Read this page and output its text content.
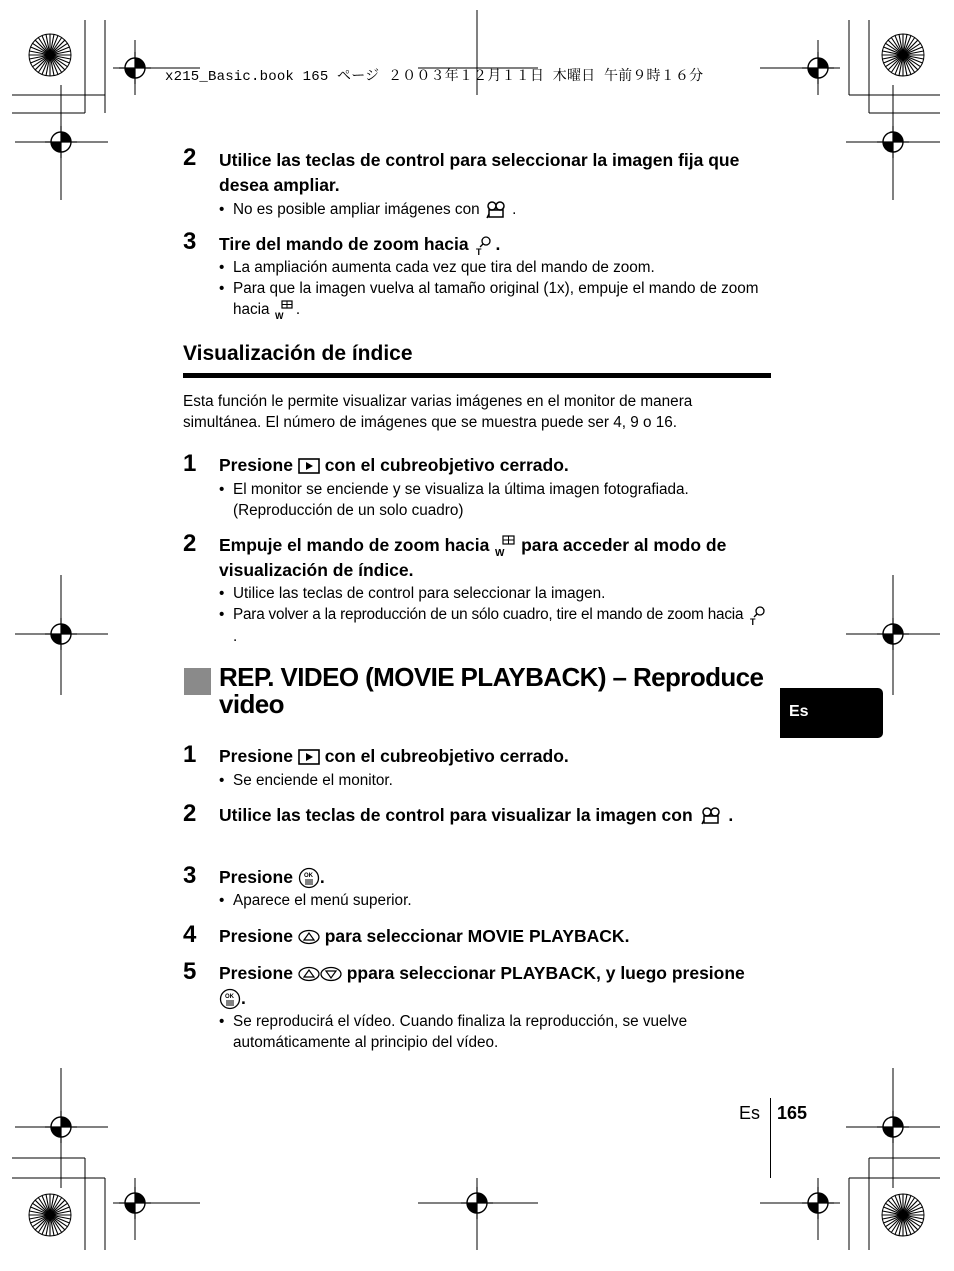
x215_Basic.book 165 ページ ２００３年１２月１１日 木曜日 午前９時１６分
2 Utilice las teclas de control para seleccionar la imagen fija que desea ampliar.
• No es posible ampliar imágenes con .
3 Tire del mando de zoom hacia T .
• La ampliación aumenta cada vez que tira del mando de zoom.
• Para que la imagen vuelva al tamaño original (1x), empuje el mando de zoom hacia W .
Visualización de índice
Esta función le permite visualizar varias imágenes en el monitor de manera simultánea. El número de imágenes que se muestra puede ser 4, 9 o 16.
1 Presione con el cubreobjetivo cerrado.
• El monitor se enciende y se visualiza la última imagen fotografiada. (Reproducción de un solo cuadro)
2 Empuje el mando de zoom hacia W para acceder al modo de visualización de índice.
• Utilice las teclas de control para seleccionar la imagen.
• Para volver a la reproducción de un sólo cuadro, tire el mando de zoom hacia T
.
REP. VIDEO (MOVIE PLAYBACK) – Reproduce video	Es
1 Presione con el cubreobjetivo cerrado.
• Se enciende el monitor.
2 Utilice las teclas de control para visualizar la imagen con .
3 Presione OK .
• Aparece el menú superior.
4 Presione para seleccionar MOVIE PLAYBACK.
5 Presione	ppara seleccionar PLAYBACK, y luego presione
OK .
• Se reproducirá el vídeo. Cuando finaliza la reproducción, se vuelve automáticamente al principio del vídeo.
Es 165
